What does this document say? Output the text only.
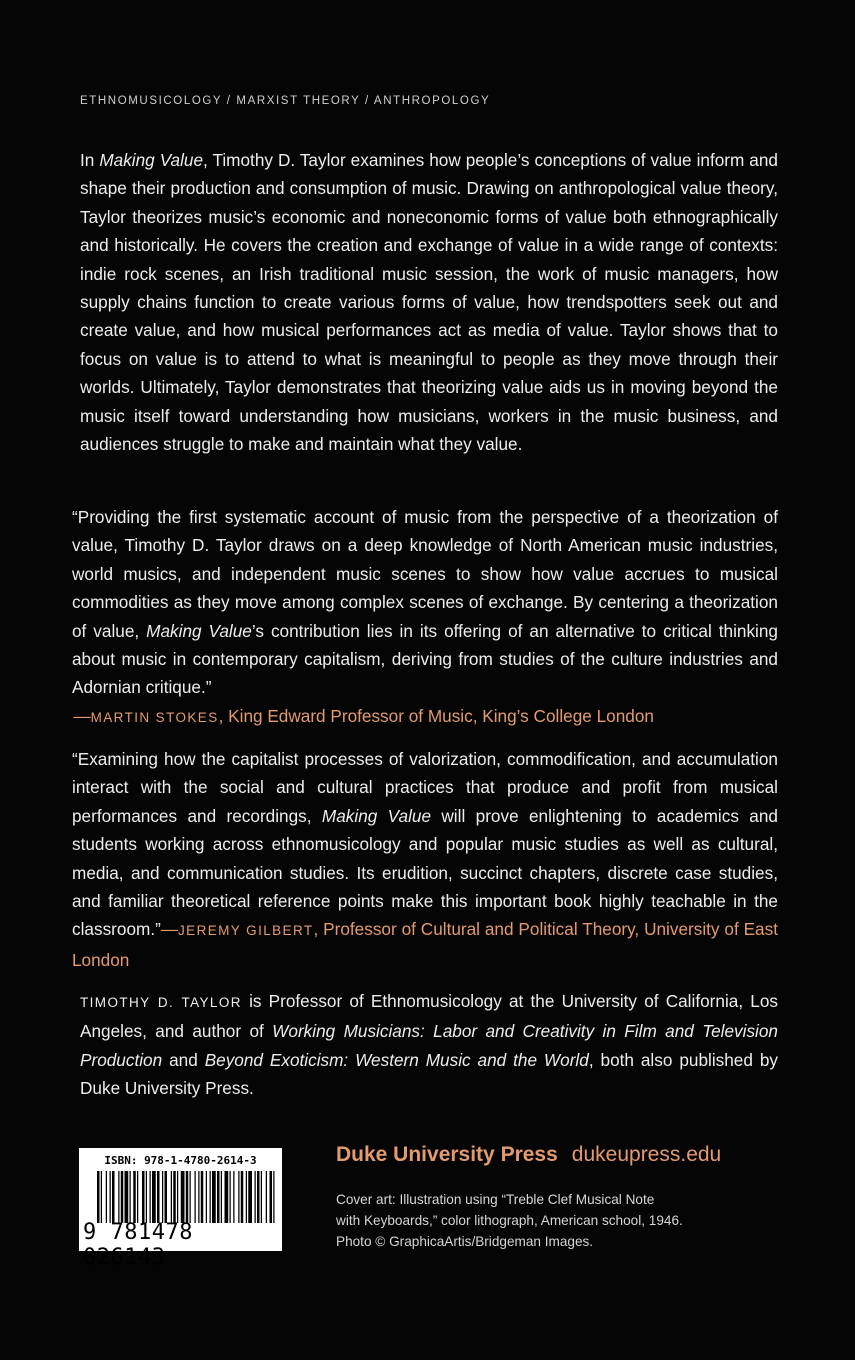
ETHNOMUSICOLOGY / MARXIST THEORY / ANTHROPOLOGY

In Making Value, Timothy D. Taylor examines how people’s conceptions of value inform and shape their production and consumption of music. Drawing on anthropological value theory, Taylor theorizes music’s economic and noneconomic forms of value both ethnographically and historically. He covers the creation and exchange of value in a wide range of contexts: indie rock scenes, an Irish traditional music session, the work of music managers, how supply chains function to create various forms of value, how trendspotters seek out and create value, and how musical performances act as media of value. Taylor shows that to focus on value is to attend to what is meaningful to people as they move through their worlds. Ultimately, Taylor demonstrates that theorizing value aids us in moving beyond the music itself toward understanding how musicians, workers in the music business, and audiences struggle to make and maintain what they value.

“Providing the first systematic account of music from the perspective of a theorization of value, Timothy D. Taylor draws on a deep knowledge of North American music industries, world musics, and independent music scenes to show how value accrues to musical commodities as they move among complex scenes of exchange. By centering a theorization of value, Making Value’s contribution lies in its offering of an alternative to critical thinking about music in contemporary capitalism, deriving from studies of the culture industries and Adornian critique.”
 —MARTIN STOKES, King Edward Professor of Music, King’s College London

“Examining how the capitalist processes of valorization, commodification, and accumulation interact with the social and cultural practices that produce and profit from musical performances and recordings, Making Value will prove enlightening to academics and students working across ethnomusicology and popular music studies as well as cultural, media, and communication studies. Its erudition, succinct chapters, discrete case studies, and familiar theoretical reference points make this important book highly teachable in the classroom.”—JEREMY GILBERT, Professor of Cultural and Political Theory, University of East London

TIMOTHY D. TAYLOR is Professor of Ethnomusicology at the University of California, Los Angeles, and author of Working Musicians: Labor and Creativity in Film and Television Production and Beyond Exoticism: Western Music and the World, both also published by Duke University Press.

ISBN: 978-1-4780-2614-3
9 781478 026143
Duke University Press dukeupress.edu
Cover art: Illustration using “Treble Clef Musical Note
with Keyboards,” color lithograph, American school, 1946.
Photo © GraphicaArtis/Bridgeman Images.
